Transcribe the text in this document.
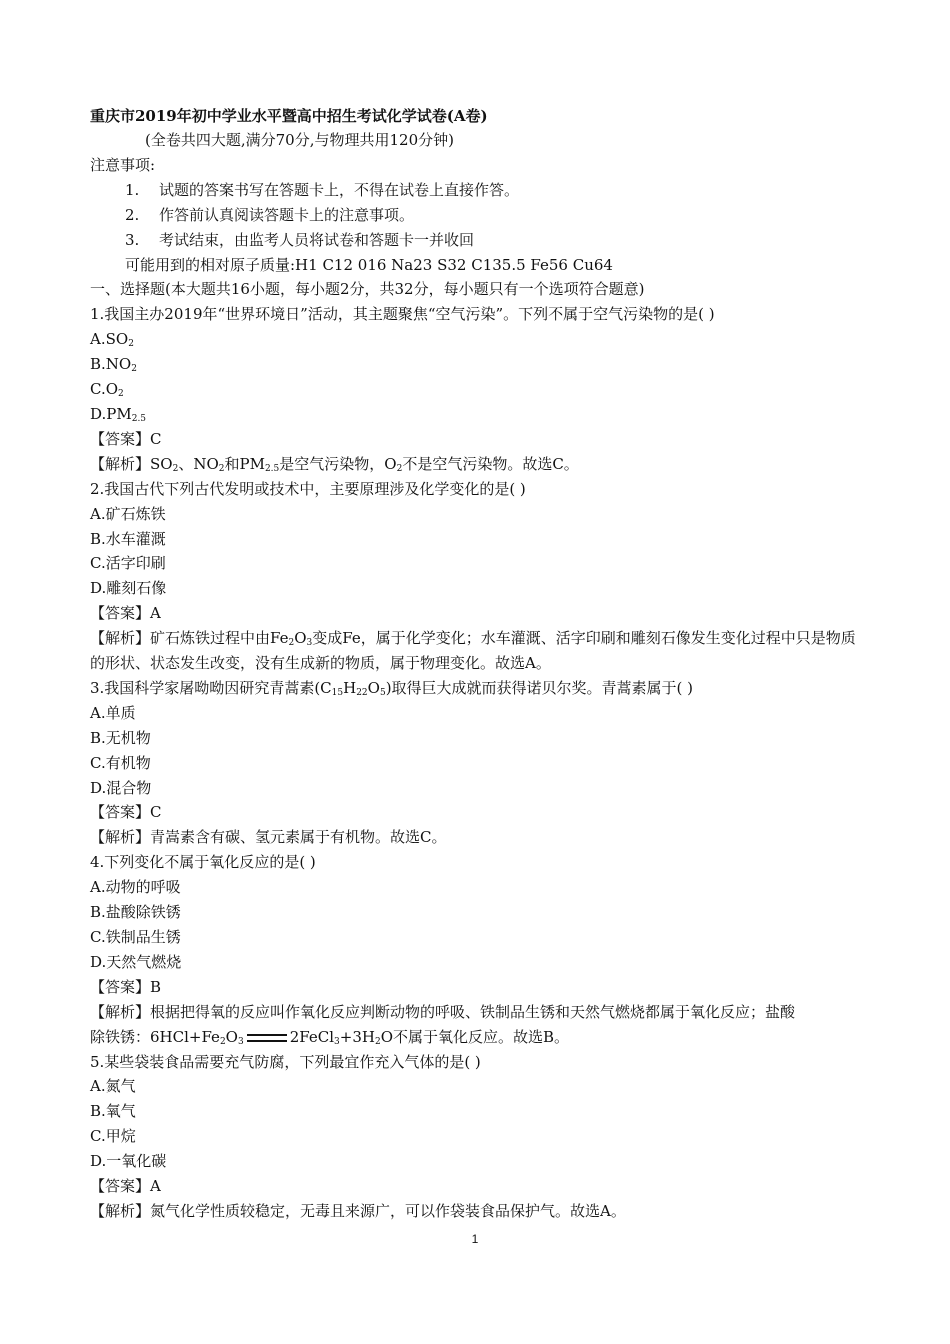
重庆市2019年初中学业水平暨高中招生考试化学试卷(A卷)
(全卷共四大题,满分70分,与物理共用120分钟)
注意事项:
1. 试题的答案书写在答题卡上，不得在试卷上直接作答。
2. 作答前认真阅读答题卡上的注意事项。
3. 考试结束，由监考人员将试卷和答题卡一并收回
可能用到的相对原子质量:H1 C12 016 Na23 S32 C135.5 Fe56 Cu64
一、选择题(本大题共16小题，每小题2分，共32分，每小题只有一个选项符合题意)
1.我国主办2019年“世界环境日”活动，其主题聚焦“空气污染”。下列不属于空气污染物的是( )
$A.SO_2$
$B.NO_2$
$C.O_2$
$D.PM_{2.5}$
【答案】C
【解析】$SO_2$、$NO_2$和$PM_{2.5}$是空气污染物，$O_2$不是空气污染物。故选C。
2.我国古代下列古代发明或技术中，主要原理涉及化学变化的是( )
A.矿石炼铁
B.水车灌溉
C.活字印刷
D.雕刻石像
【答案】A
【解析】矿石炼铁过程中由$Fe_2O_3$变成Fe，属于化学变化；水车灌溉、活字印刷和雕刻石像发生变化过程中只是物质的形状、状态发生改变，没有生成新的物质，属于物理变化。故选A。
3.我国科学家屠呦呦因研究青蒿素$(C_{15}H_{22}O_5)$取得巨大成就而获得诺贝尔奖。青蒿素属于( )
A.单质
B.无机物
C.有机物
D.混合物
【答案】C
【解析】青嵩素含有碳、氢元素属于有机物。故选C。
4.下列变化不属于氧化反应的是( )
A.动物的呼吸
B.盐酸除铁锈
C.铁制品生锈
D.天然气燃烧
【答案】B
【解析】根据把得氧的反应叫作氧化反应判断动物的呼吸、铁制品生锈和天然气燃烧都属于氧化反应；盐酸
除铁锈：$6HCl+Fe_2O_3$	$2FeCl_3+3H_2O$不属于氧化反应。故选B。
5.某些袋装食品需要充气防腐，下列最宜作充入气体的是( )
A.氮气
B.氧气
C.甲烷
D.一氧化碳
【答案】A
【解析】氮气化学性质较稳定，无毒且来源广，可以作袋装食品保护气。故选A。
1
